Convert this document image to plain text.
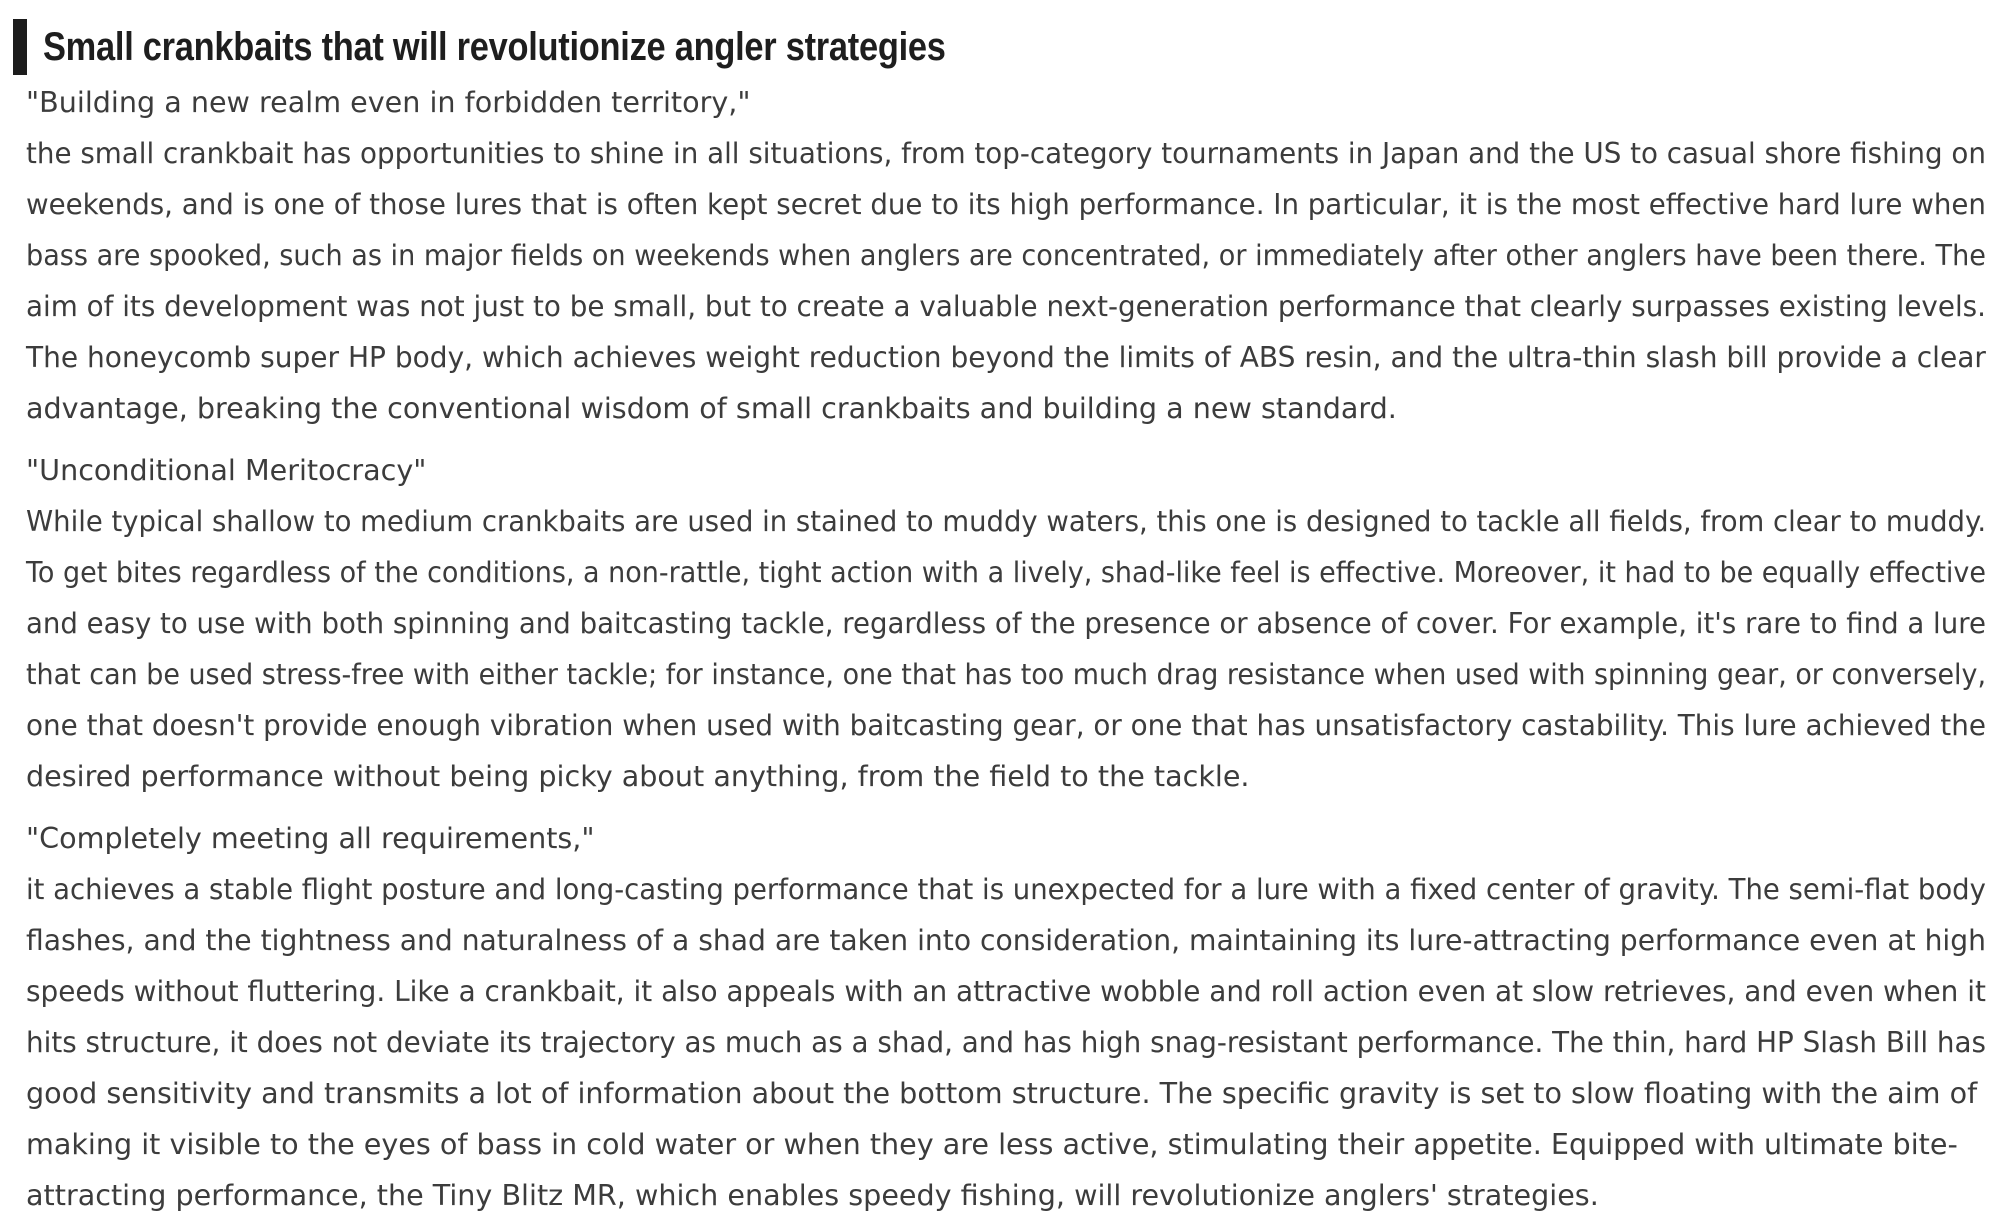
Small crankbaits that will revolutionize angler strategies
"Building a new realm even in forbidden territory,"
the small crankbait has opportunities to shine in all situations, from top-category tournaments in Japan and the US to casual shore fishing on
weekends, and is one of those lures that is often kept secret due to its high performance. In particular, it is the most effective hard lure when
bass are spooked, such as in major fields on weekends when anglers are concentrated, or immediately after other anglers have been there. The
aim of its development was not just to be small, but to create a valuable next-generation performance that clearly surpasses existing levels.
The honeycomb super HP body, which achieves weight reduction beyond the limits of ABS resin, and the ultra-thin slash bill provide a clear
advantage, breaking the conventional wisdom of small crankbaits and building a new standard.
"Unconditional Meritocracy"
While typical shallow to medium crankbaits are used in stained to muddy waters, this one is designed to tackle all fields, from clear to muddy.
To get bites regardless of the conditions, a non-rattle, tight action with a lively, shad-like feel is effective. Moreover, it had to be equally effective
and easy to use with both spinning and baitcasting tackle, regardless of the presence or absence of cover. For example, it's rare to find a lure
that can be used stress-free with either tackle; for instance, one that has too much drag resistance when used with spinning gear, or conversely,
one that doesn't provide enough vibration when used with baitcasting gear, or one that has unsatisfactory castability. This lure achieved the
desired performance without being picky about anything, from the field to the tackle.
"Completely meeting all requirements,"
it achieves a stable flight posture and long-casting performance that is unexpected for a lure with a fixed center of gravity. The semi-flat body
flashes, and the tightness and naturalness of a shad are taken into consideration, maintaining its lure-attracting performance even at high
speeds without fluttering. Like a crankbait, it also appeals with an attractive wobble and roll action even at slow retrieves, and even when it
hits structure, it does not deviate its trajectory as much as a shad, and has high snag-resistant performance. The thin, hard HP Slash Bill has
good sensitivity and transmits a lot of information about the bottom structure. The specific gravity is set to slow floating with the aim of
making it visible to the eyes of bass in cold water or when they are less active, stimulating their appetite. Equipped with ultimate bite-
attracting performance, the Tiny Blitz MR, which enables speedy fishing, will revolutionize anglers' strategies.
